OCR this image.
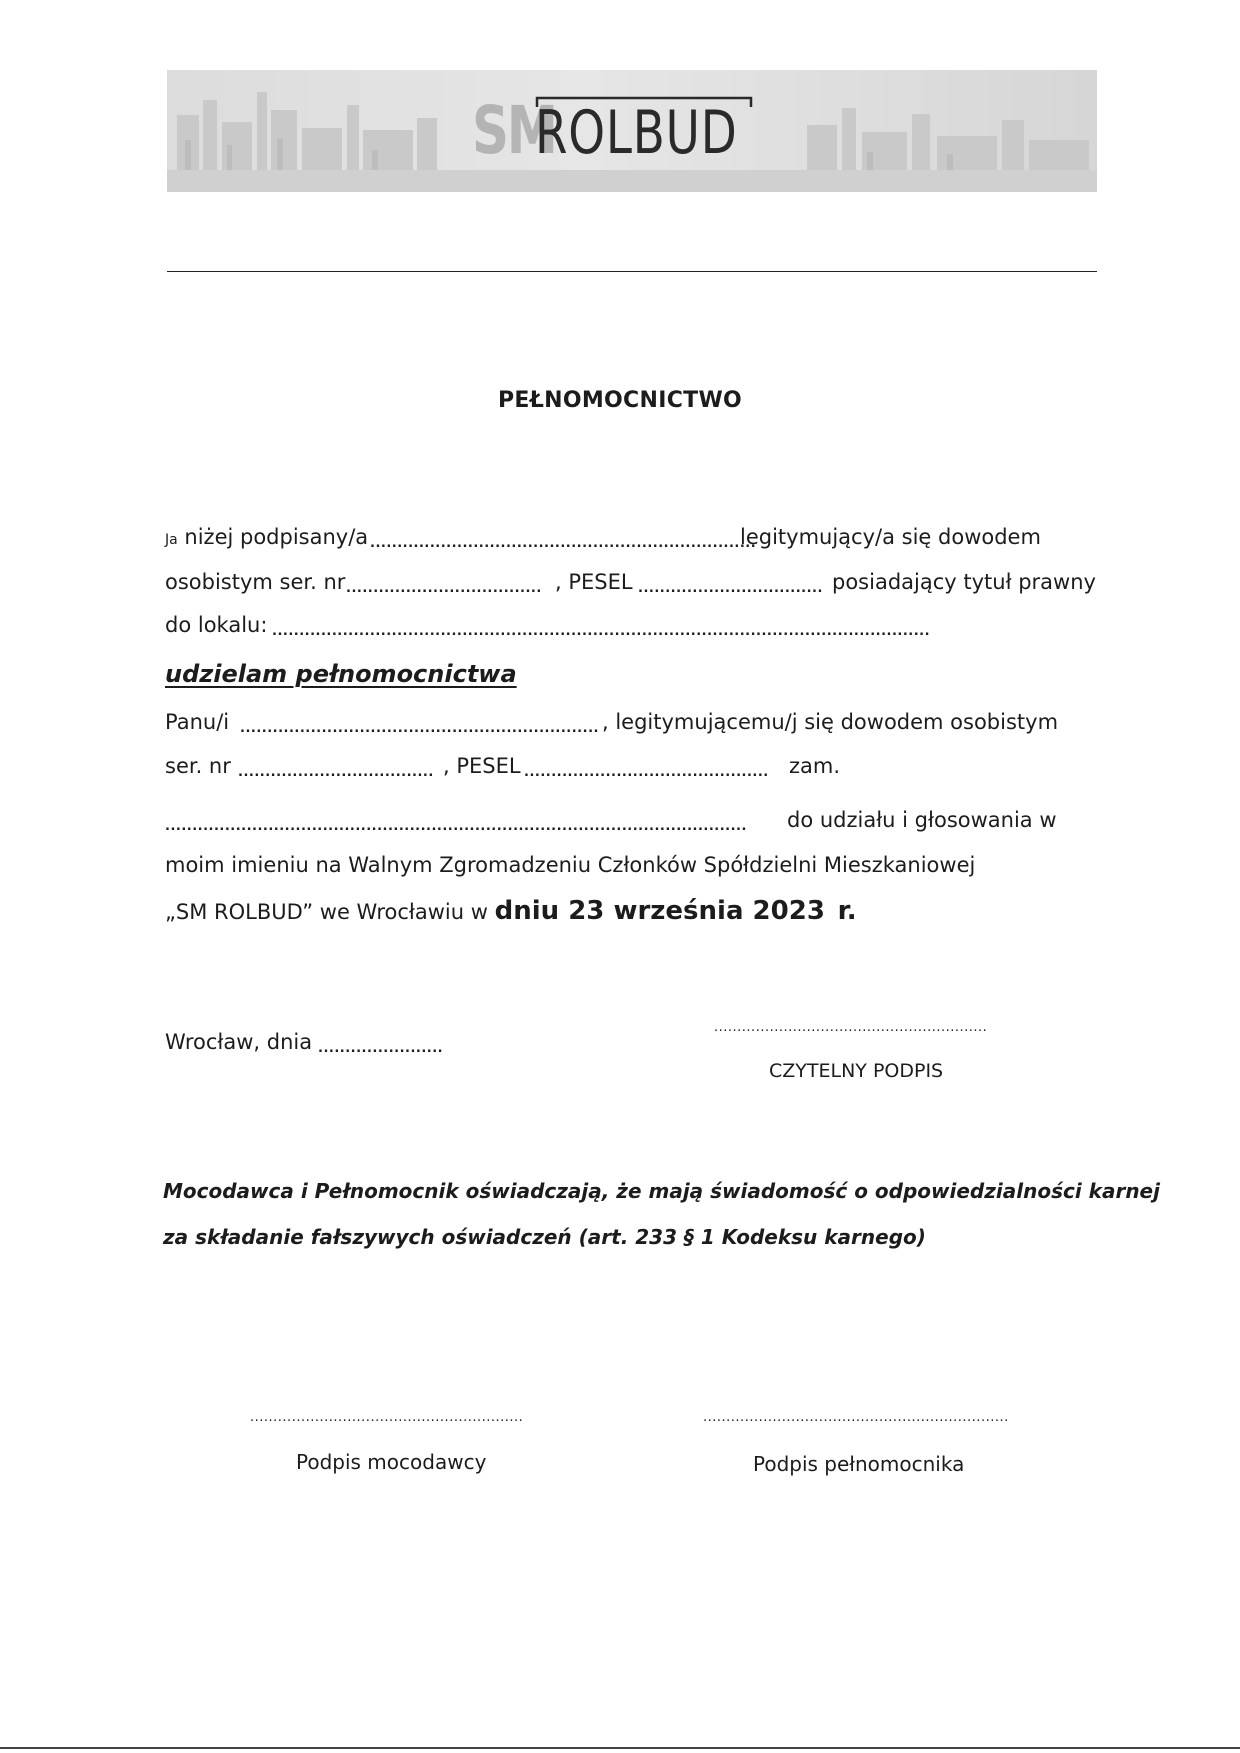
SM
ROLBUD
PEŁNOMOCNICTWO
Ja niżej podpisany/a .......................................................................
legitymujący/a się dowodem
osobistym ser. nr .................................... , PESEL .................................. posiadający tytuł prawny
do lokalu: .........................................................................................................................
udzielam pełnomocnictwa
Panu/i .................................................................. , legitymującemu/j się dowodem osobistym
ser. nr .................................... , PESEL ............................................. zam.
........................................................................................................... do udziału i głosowania w
moim imieniu na Walnym Zgromadzeniu Członków Spółdzielni Mieszkaniowej
„SM ROLBUD” we Wrocławiu w dniu 23 września 2023 r.
Wrocław, dnia .......................
...........................................................
CZYTELNY PODPIS
Mocodawca i Pełnomocnik oświadczają, że mają świadomość o odpowiedzialności karnej
za składanie fałszywych oświadczeń (art. 233 § 1 Kodeksu karnego)
...........................................................
Podpis mocodawcy
..................................................................
Podpis pełnomocnika
